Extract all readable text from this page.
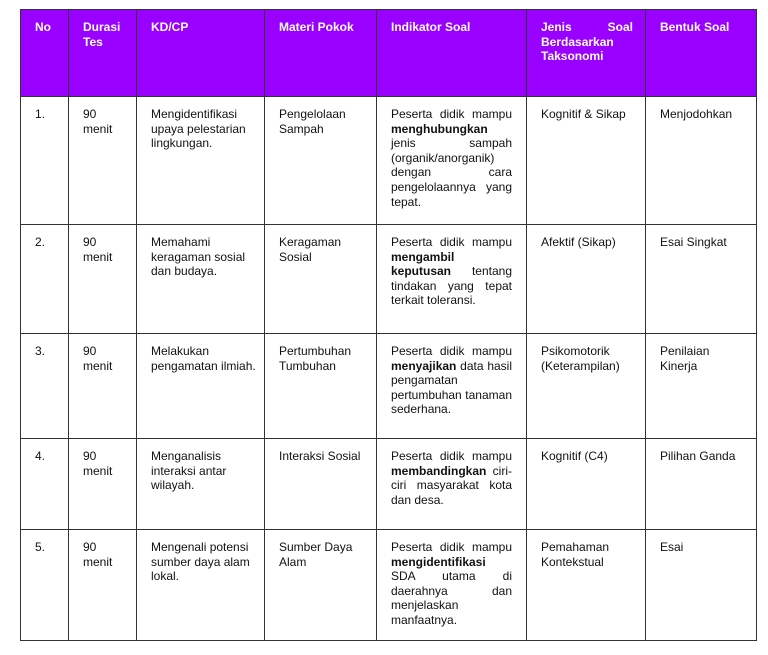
No	Durasi Tes	KD/CP	Materi Pokok	Indikator Soal	Jenis Soal Berdasarkan Taksonomi	Bentuk Soal
1.	90 menit	Mengidentifikasi upaya pelestarian lingkungan.	Pengelolaan Sampah	Peserta didik mampu menghubungkan jenis sampah (organik/anorganik) dengan cara pengelolaannya yang tepat.	Kognitif & Sikap	Menjodohkan
2.	90 menit	Memahami keragaman sosial dan budaya.	Keragaman Sosial	Peserta didik mampu mengambil keputusan tentang tindakan yang tepat terkait toleransi.	Afektif (Sikap)	Esai Singkat
3.	90 menit	Melakukan pengamatan ilmiah.	Pertumbuhan Tumbuhan	Peserta didik mampu menyajikan data hasil pengamatan pertumbuhan tanaman sederhana.	Psikomotorik (Keterampilan)	Penilaian Kinerja
4.	90 menit	Menganalisis interaksi antar wilayah.	Interaksi Sosial	Peserta didik mampu membandingkan ciri-ciri masyarakat kota dan desa.	Kognitif (C4)	Pilihan Ganda
5.	90 menit	Mengenali potensi sumber daya alam lokal.	Sumber Daya Alam	Peserta didik mampu mengidentifikasi SDA utama di daerahnya dan menjelaskan manfaatnya.	Pemahaman Kontekstual	Esai
